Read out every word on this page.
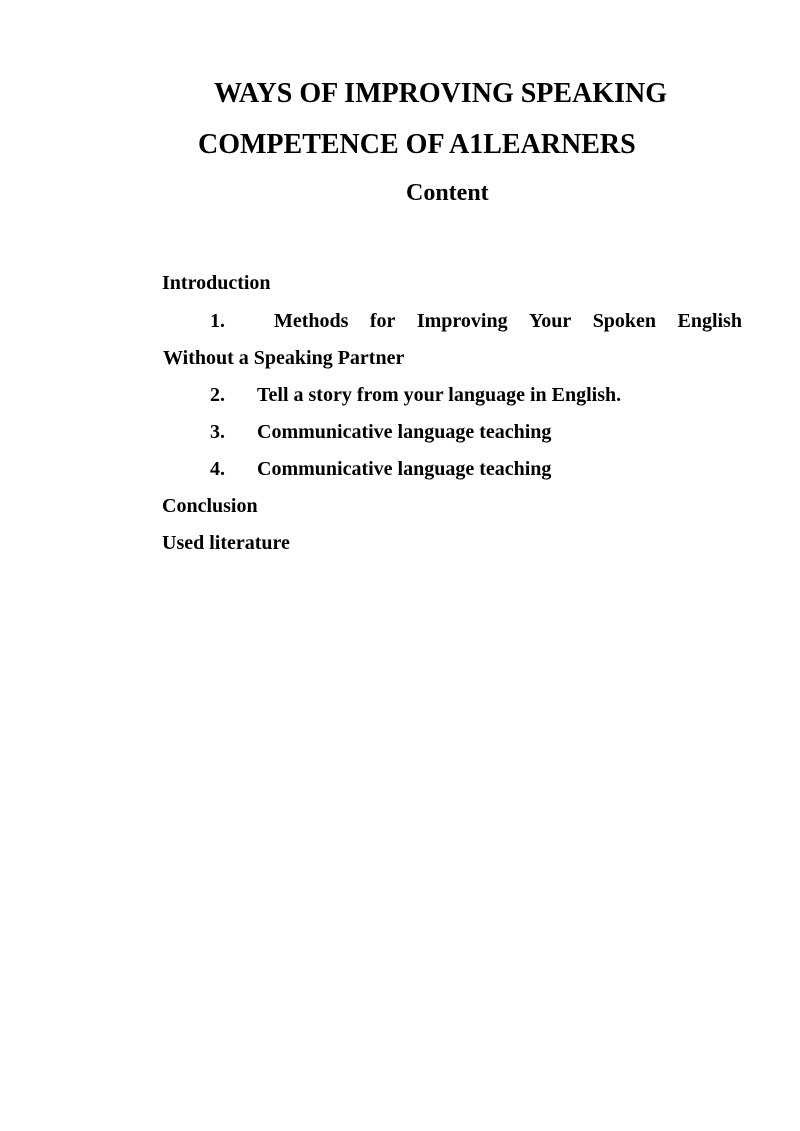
WAYS OF IMPROVING SPEAKING
COMPETENCE OF A1LEARNERS
Content
Introduction
1. Methods for Improving Your Spoken English
Without a Speaking Partner
2. Tell a story from your language in English.
3. Communicative language teaching
4. Communicative language teaching
Conclusion
Used literature
